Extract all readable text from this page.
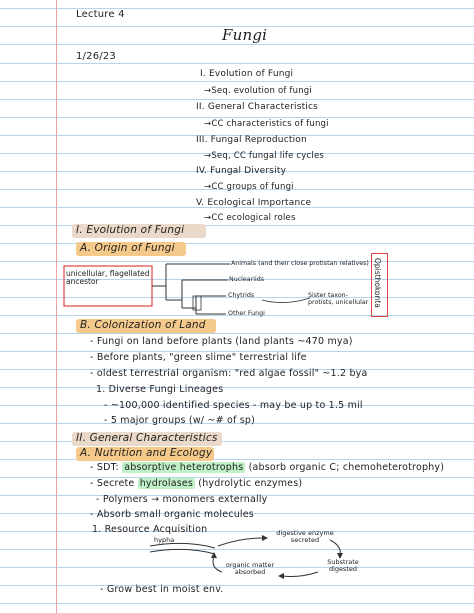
Lecture 4
Fungi
1/26/23
I. Evolution of Fungi
→Seq. evolution of fungi
II. General Characteristics
→CC characteristics of fungi
III. Fungal Reproduction
→Seq, CC fungal life cycles
IV. Fungal Diversity
→CC groups of fungi
V. Ecological Importance
→CC ecological roles
I. Evolution of Fungi
A. Origin of Fungi
unicellular, flagellated ancestor
Animals (and their close protistan relatives)
Nucleariids
Chytrids
Other Fungi
Opisthokonta
Sister taxon- protists, unicellular
B. Colonization of Land
- Fungi on land before plants (land plants ~470 mya)
- Before plants, "green slime" terrestrial life
- oldest terrestrial organism: "red algae fossil" ~1.2 bya
1. Diverse Fungi Lineages
- ~100,000 identified species - may be up to 1.5 mil
- 5 major groups (w/ ~# of sp)
II. General Characteristics
A. Nutrition and Ecology
- SDT: absorptive heterotrophs (absorb organic C; chemoheterotrophy)
- Secrete hydrolases (hydrolytic enzymes)
- Polymers → monomers externally
- Absorb small organic molecules
1. Resource Acquisition
hypha
digestive enzyme secreted
Substrate digested
organic matter absorbed
- Grow best in moist env.
